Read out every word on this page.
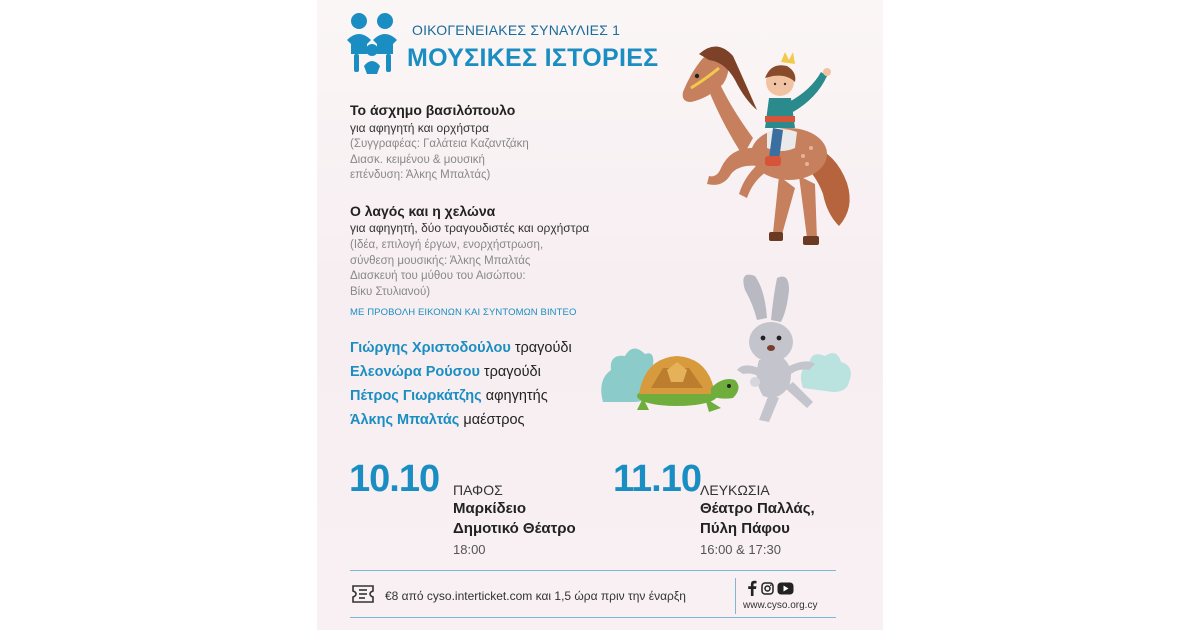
ΟΙΚΟΓΕΝΕΙΑΚΕΣ ΣΥΝΑΥΛΙΕΣ 1
ΜΟΥΣΙΚΕΣ ΙΣΤΟΡΙΕΣ
Το άσχημο βασιλόπουλο
για αφηγητή και ορχήστρα
(Συγγραφέας: Γαλάτεια Καζαντζάκη
Διασκ. κειμένου & μουσική
επένδυση: Άλκης Μπαλτάς)
Ο λαγός και η χελώνα
για αφηγητή, δύο τραγουδιστές και ορχήστρα
(Ιδέα, επιλογή έργων, ενορχήστρωση,
σύνθεση μουσικής: Άλκης Μπαλτάς
Διασκευή του μύθου του Αισώπου:
Βίκυ Στυλιανού)
ΜΕ ΠΡΟΒΟΛΗ ΕΙΚΟΝΩΝ ΚΑΙ ΣΥΝΤΟΜΩΝ ΒΙΝΤΕΟ
Γιώργης Χριστοδούλου τραγούδι
Ελεονώρα Ρούσου τραγούδι
Πέτρος Γιωρκάτζης αφηγητής
Άλκης Μπαλτάς μαέστρος
10.10 ΠΑΦΟΣ
Μαρκίδειο
Δημοτικό Θέατρο
18:00
11.10 ΛΕΥΚΩΣΙΑ
Θέατρο Παλλάς,
Πύλη Πάφου
16:00 & 17:30
€8 από cyso.interticket.com και 1,5 ώρα πριν την έναρξη
www.cyso.org.cy
